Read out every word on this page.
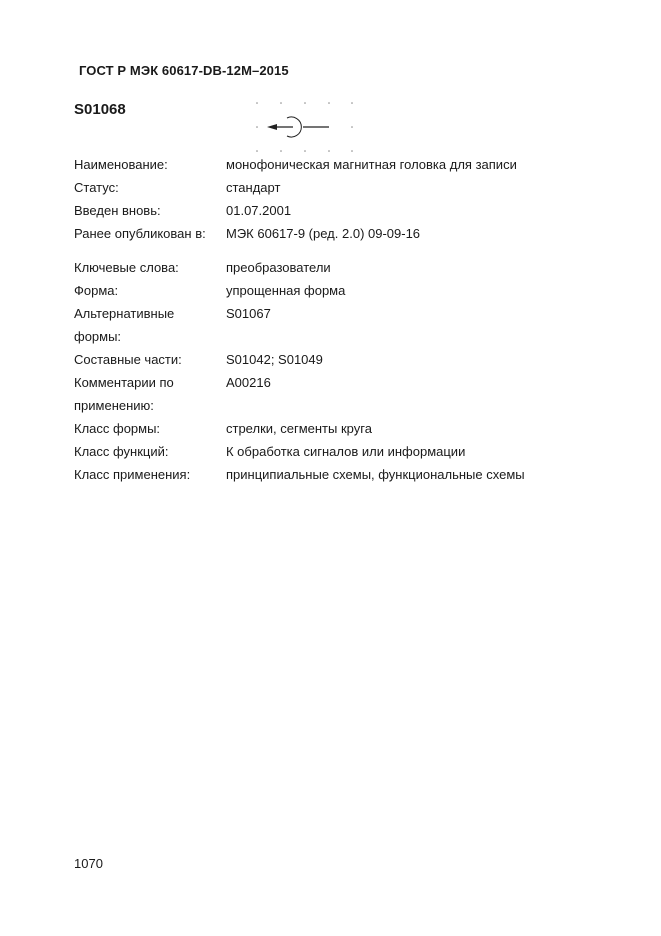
ГОСТ Р МЭК 60617-DB-12M–2015
S01068
Наименование:	монофоническая магнитная головка для записи
Статус:	стандарт
Введен вновь:	01.07.2001
Ранее опубликован в:	МЭК 60617-9 (ред. 2.0) 09-09-16
Ключевые слова:	преобразователи
Форма:	упрощенная форма
Альтернативные
формы:
S01067
Составные части:	S01042; S01049
Комментарии по
применению:
A00216
Класс формы:	стрелки, сегменты круга
Класс функций:	К обработка сигналов или информации
Класс применения:	принципиальные схемы, функциональные схемы
1070
